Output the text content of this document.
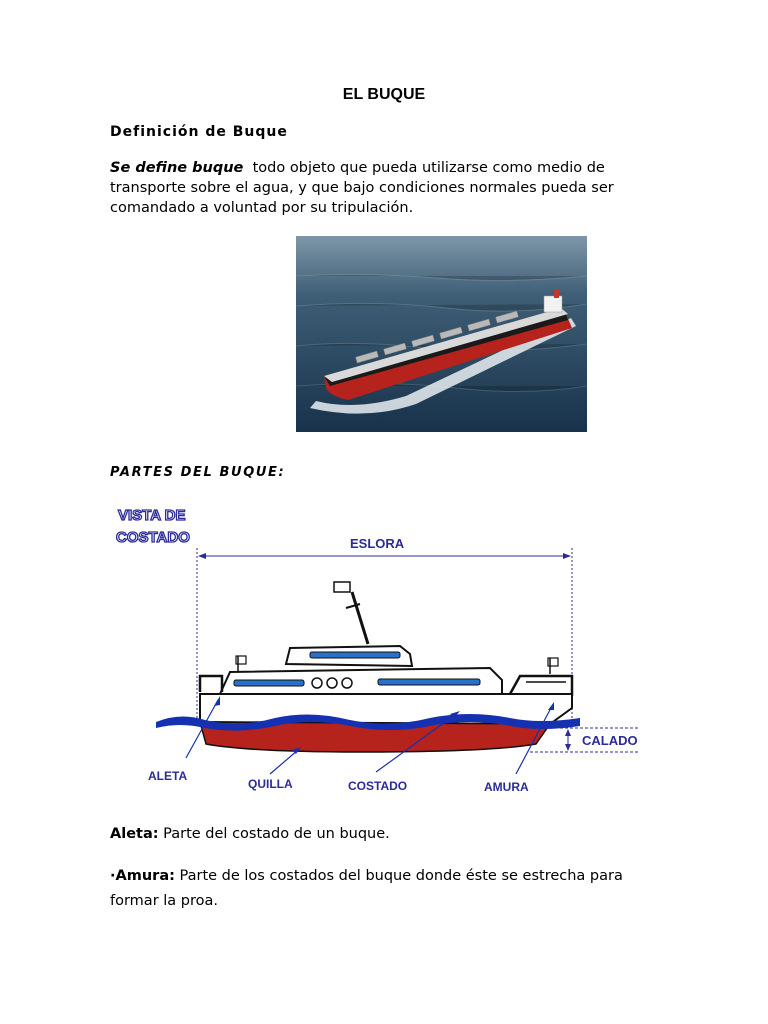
EL BUQUE
Definición de Buque
Se define buque todo objeto que pueda utilizarse como medio de transporte sobre el agua, y que bajo condiciones normales pueda ser comandado a voluntad por su tripulación.
PARTES DEL BUQUE:
VISTA DE
COSTADO	ESLORA
CALADO
ALETA
QUILLA	COSTADO	AMURA
Aleta: Parte del costado de un buque.
·Amura: Parte de los costados del buque donde éste se estrecha para formar la proa.
